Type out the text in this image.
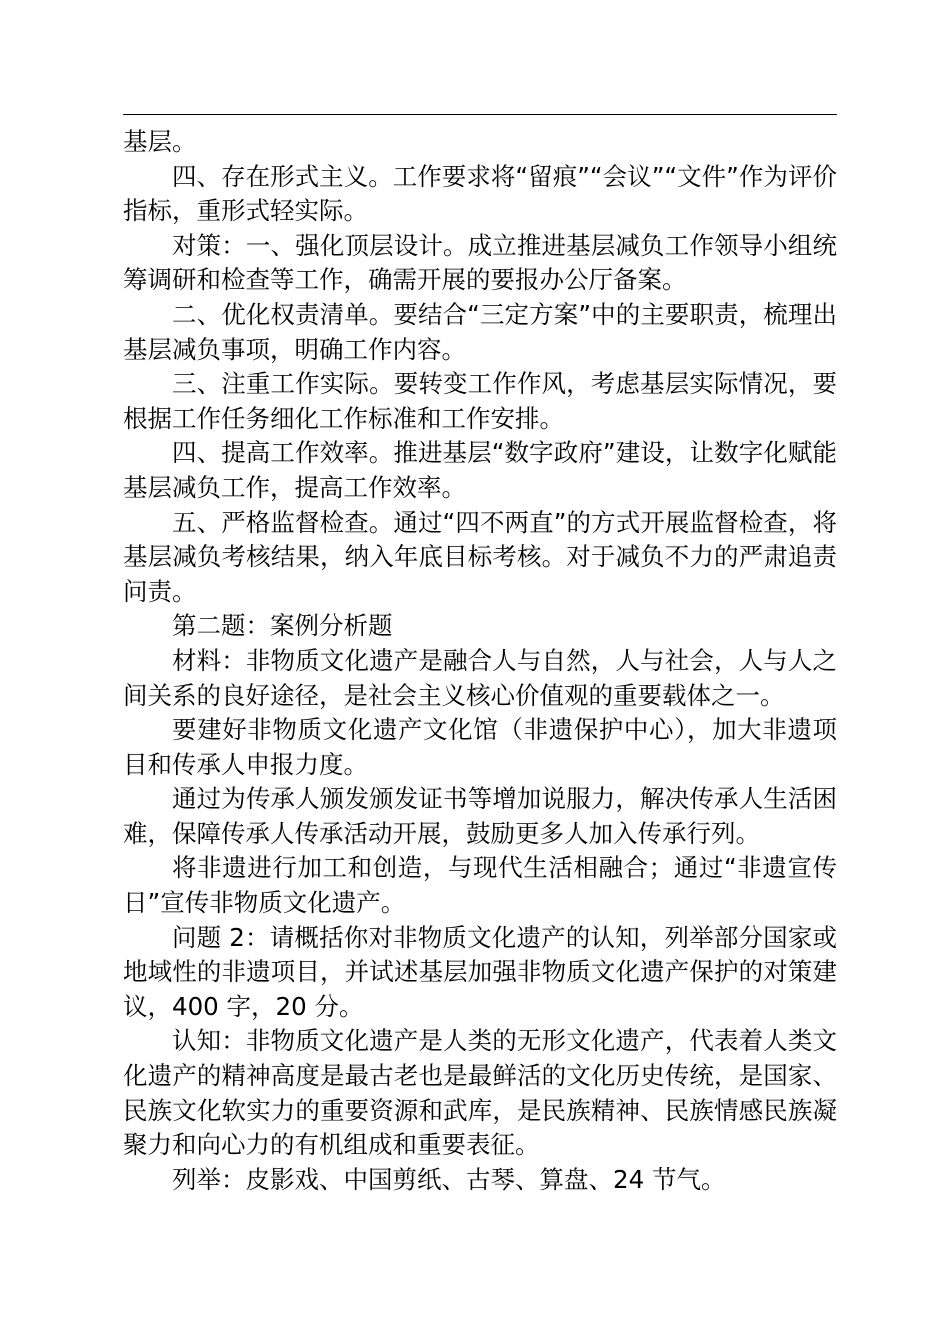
基层。

四、存在形式主义。工作要求将“留痕”“会议”“文件”作为评价指标，重形式轻实际。

对策：一、强化顶层设计。成立推进基层减负工作领导小组统筹调研和检查等工作，确需开展的要报办公厅备案。

二、优化权责清单。要结合“三定方案”中的主要职责，梳理出基层减负事项，明确工作内容。

三、注重工作实际。要转变工作作风，考虑基层实际情况，要根据工作任务细化工作标准和工作安排。

四、提高工作效率。推进基层“数字政府”建设，让数字化赋能基层减负工作，提高工作效率。

五、严格监督检查。通过“四不两直”的方式开展监督检查，将基层减负考核结果，纳入年底目标考核。对于减负不力的严肃追责问责。

第二题：案例分析题

材料：非物质文化遗产是融合人与自然，人与社会，人与人之间关系的良好途径，是社会主义核心价值观的重要载体之一。

要建好非物质文化遗产文化馆（非遗保护中心），加大非遗项目和传承人申报力度。

通过为传承人颁发颁发证书等增加说服力，解决传承人生活困难，保障传承人传承活动开展，鼓励更多人加入传承行列。

将非遗进行加工和创造，与现代生活相融合；通过“非遗宣传日”宣传非物质文化遗产。

问题 2：请概括你对非物质文化遗产的认知，列举部分国家或地域性的非遗项目，并试述基层加强非物质文化遗产保护的对策建议，400 字，20 分。

认知：非物质文化遗产是人类的无形文化遗产，代表着人类文化遗产的精神高度是最古老也是最鲜活的文化历史传统，是国家、民族文化软实力的重要资源和武库，是民族精神、民族情感民族凝聚力和向心力的有机组成和重要表征。

列举：皮影戏、中国剪纸、古琴、算盘、24 节气。
